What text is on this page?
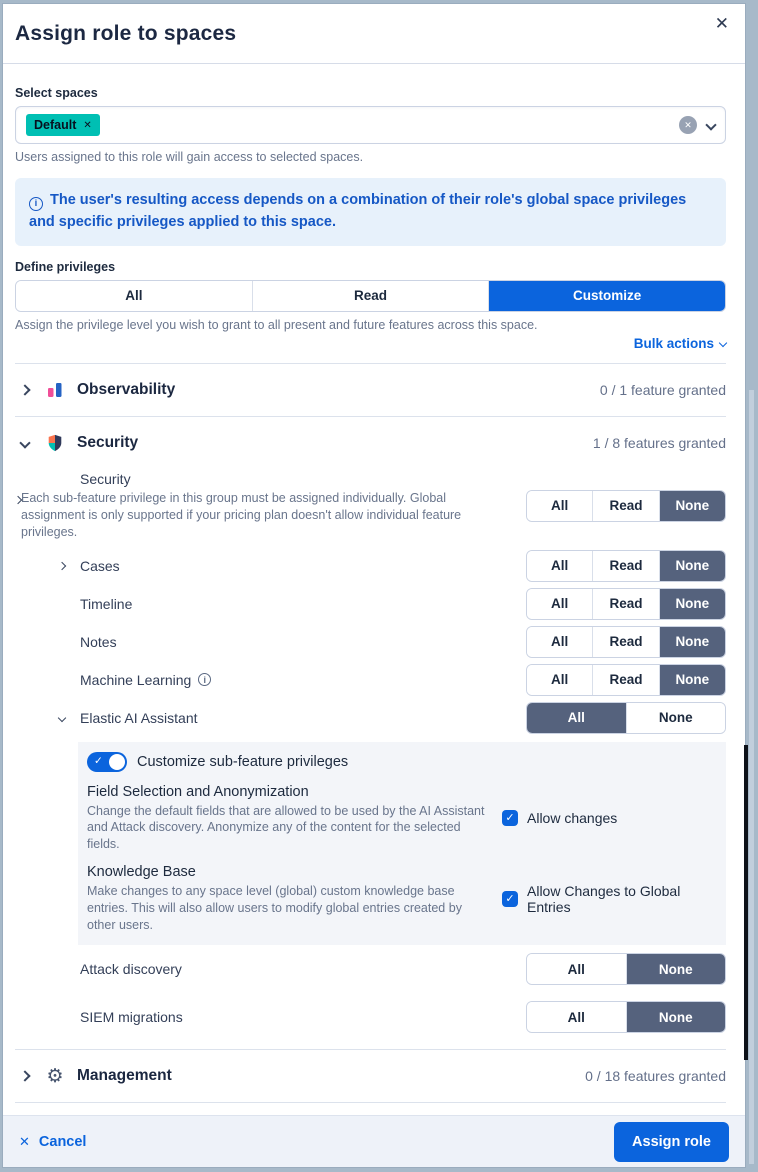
Assign role to spaces	✕
Select spaces
Default ✕	✕
Users assigned to this role will gain access to selected spaces.
i The user's resulting access depends on a combination of their role's global space privileges and specific privileges applied to this space.
Define privileges
All	Read	Customize
Assign the privilege level you wish to grant to all present and future features across this space.
Bulk actions
Observability	0 / 1 feature granted
Security	1 / 8 features granted
Security
Each sub-feature privilege in this group must be assigned individually. Global assignment is only supported if your pricing plan doesn't allow individual feature privileges.
All	Read	None
Cases	All	Read	None
Timeline	All	Read	None
Notes	All	Read	None
Machine Learning	i	All	Read	None
Elastic AI Assistant	All	None
✓ Customize sub-feature privileges
Field Selection and Anonymization
Change the default fields that are allowed to be used by the AI Assistant and Attack discovery. Anonymize any of the content for the selected fields.
✓ Allow changes
Knowledge Base
Make changes to any space level (global) custom knowledge base entries. This will also allow users to modify global entries created by other users.
✓
Allow Changes to Global Entries
Attack discovery	All	None
SIEM migrations	All	None
⚙ Management	0 / 18 features granted
✕ Cancel	Assign role
